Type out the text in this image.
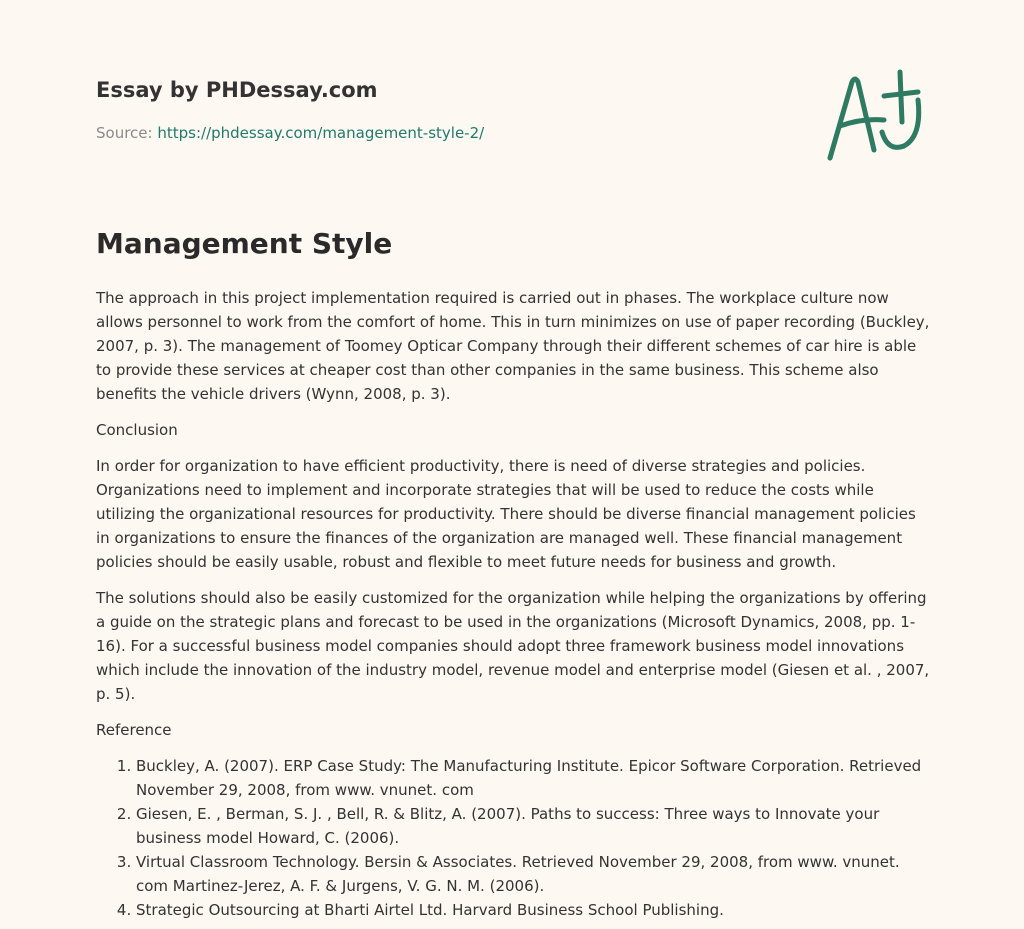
Essay by PHDessay.com
Source: https://phdessay.com/management-style-2/
Management Style

The approach in this project implementation required is carried out in phases. The workplace culture now allows personnel to work from the comfort of home. This in turn minimizes on use of paper recording (Buckley, 2007, p. 3). The management of Toomey Opticar Company through their different schemes of car hire is able to provide these services at cheaper cost than other companies in the same business. This scheme also benefits the vehicle drivers (Wynn, 2008, p. 3).

Conclusion

In order for organization to have efficient productivity, there is need of diverse strategies and policies. Organizations need to implement and incorporate strategies that will be used to reduce the costs while utilizing the organizational resources for productivity. There should be diverse financial management policies in organizations to ensure the finances of the organization are managed well. These financial management policies should be easily usable, robust and flexible to meet future needs for business and growth.

The solutions should also be easily customized for the organization while helping the organizations by offering a guide on the strategic plans and forecast to be used in the organizations (Microsoft Dynamics, 2008, pp. 1-16). For a successful business model companies should adopt three framework business model innovations which include the innovation of the industry model, revenue model and enterprise model (Giesen et al. , 2007, p. 5).

Reference

1. Buckley, A. (2007). ERP Case Study: The Manufacturing Institute. Epicor Software Corporation. Retrieved November 29, 2008, from www. vnunet. com
2. Giesen, E. , Berman, S. J. , Bell, R. & Blitz, A. (2007). Paths to success: Three ways to Innovate your business model Howard, C. (2006).
3. Virtual Classroom Technology. Bersin & Associates. Retrieved November 29, 2008, from www. vnunet. com Martinez-Jerez, A. F. & Jurgens, V. G. N. M. (2006).
4. Strategic Outsourcing at Bharti Airtel Ltd. Harvard Business School Publishing.
